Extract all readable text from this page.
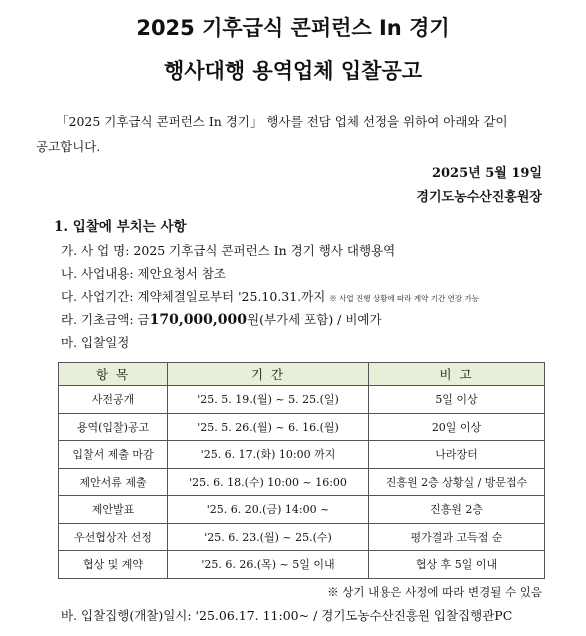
2025 기후급식 콘퍼런스 In 경기
행사대행 용역업체 입찰공고
「2025 기후급식 콘퍼런스 In 경기」 행사를 전담 업체 선정을 위하여 아래와 같이
공고합니다.
2025년 5월 19일
경기도농수산진흥원장
1. 입찰에 부치는 사항
가. 사 업 명: 2025 기후급식 콘퍼런스 In 경기 행사 대행용역
나. 사업내용: 제안요청서 참조
다. 사업기간: 계약체결일로부터 '25.10.31.까지 ※ 사업 진행 상황에 따라 계약 기간 연장 가능
라. 기초금액: 금170,000,000원(부가세 포함) / 비예가
마. 입찰일정
항 목	기 간	비 고
사전공개	'25. 5. 19.(월) ~ 5. 25.(일)	5일 이상
용역(입찰)공고	'25. 5. 26.(월) ~ 6. 16.(월)	20일 이상
입찰서 제출 마감	'25. 6. 17.(화) 10:00 까지	나라장터
제안서류 제출	'25. 6. 18.(수) 10:00 ~ 16:00	진흥원 2층 상황실 / 방문접수
제안발표	'25. 6. 20.(금) 14:00 ~	진흥원 2층
우선협상자 선정	'25. 6. 23.(월) ~ 25.(수)	평가결과 고득점 순
협상 및 계약	'25. 6. 26.(목) ~ 5일 이내	협상 후 5일 이내
※ 상기 내용은 사정에 따라 변경될 수 있음
바. 입찰집행(개찰)일시: '25.06.17. 11:00~ / 경기도농수산진흥원 입찰집행관PC
